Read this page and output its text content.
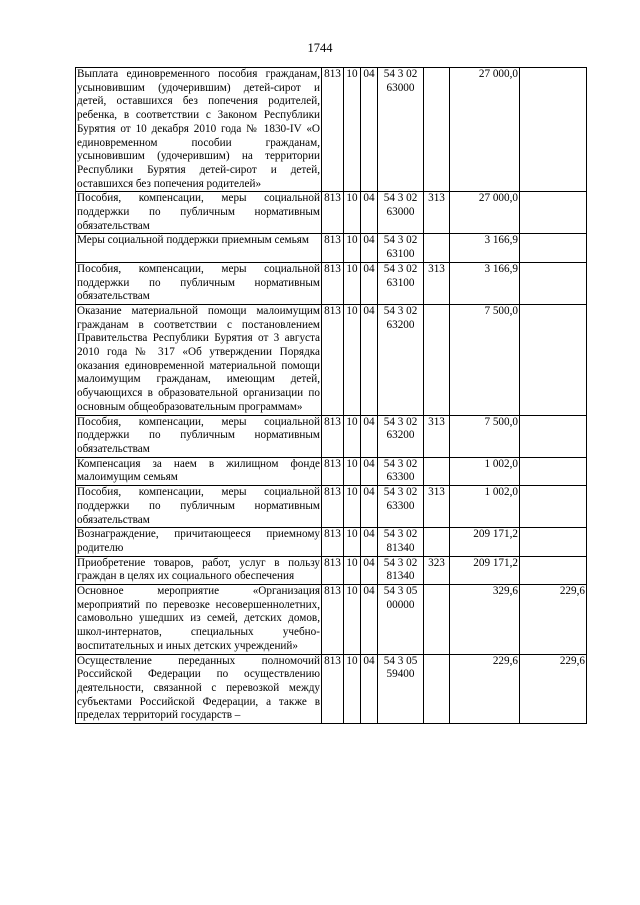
1744
Выплата единовременного пособия гражданам, усыновившим (удочерившим) детей-сирот и детей, оставшихся без попечения родителей, ребенка, в соответствии с Законом Республики Бурятия от 10 декабря 2010 года № 1830-IV «О единовременном пособии гражданам, усыновившим (удочерившим) на территории Республики Бурятия детей-сирот и детей, оставшихся без попечения родителей»	813	10	04	54 3 02
63000		27 000,0	
Пособия, компенсации, меры социальной поддержки по публичным нормативным обязательствам	813	10	04	54 3 02
63000	313	27 000,0	
Меры социальной поддержки приемным семьям	813	10	04	54 3 02
63100		3 166,9	
Пособия, компенсации, меры социальной поддержки по публичным нормативным обязательствам	813	10	04	54 3 02
63100	313	3 166,9	
Оказание материальной помощи малоимущим гражданам в соответствии с постановлением Правительства Республики Бурятия от 3 августа 2010 года № 317 «Об утверждении Порядка оказания единовременной материальной помощи малоимущим гражданам, имеющим детей, обучающихся в образовательной организации по основным общеобразовательным программам»	813	10	04	54 3 02
63200		7 500,0	
Пособия, компенсации, меры социальной поддержки по публичным нормативным обязательствам	813	10	04	54 3 02
63200	313	7 500,0	
Компенсация за наем в жилищном фонде малоимущим семьям	813	10	04	54 3 02
63300		1 002,0	
Пособия, компенсации, меры социальной поддержки по публичным нормативным обязательствам	813	10	04	54 3 02
63300	313	1 002,0	
Вознаграждение, причитающееся приемному родителю	813	10	04	54 3 02
81340		209 171,2	
Приобретение товаров, работ, услуг в пользу граждан в целях их социального обеспечения	813	10	04	54 3 02
81340	323	209 171,2	
Основное мероприятие «Организация мероприятий по перевозке несовершеннолетних, самовольно ушедших из семей, детских домов, школ-интернатов, специальных учебно-воспитательных и иных детских учреждений»	813	10	04	54 3 05
00000		329,6	229,6
Осуществление переданных полномочий Российской Федерации по осуществлению деятельности, связанной с перевозкой между субъектами Российской Федерации, а также в пределах территорий государств –	813	10	04	54 3 05
59400		229,6	229,6
